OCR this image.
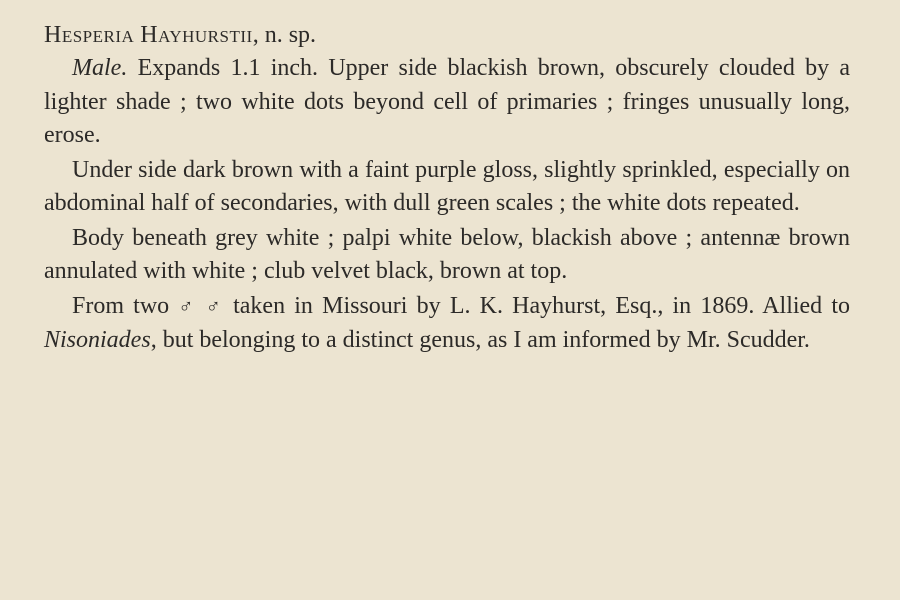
Hesperia Hayhurstii, n. sp.

Male. Expands 1.1 inch. Upper side blackish brown, obscurely clouded by a lighter shade ; two white dots beyond cell of primaries ; fringes unusually long, erose.

Under side dark brown with a faint purple gloss, slightly sprinkled, especially on abdominal half of secondaries, with dull green scales ; the white dots repeated.

Body beneath grey white ; palpi white below, blackish above ; antennæ brown annulated with white ; club velvet black, brown at top.

From two ♂ ♂ taken in Missouri by L. K. Hayhurst, Esq., in 1869. Allied to Nisoniades, but belonging to a distinct genus, as I am informed by Mr. Scudder.
